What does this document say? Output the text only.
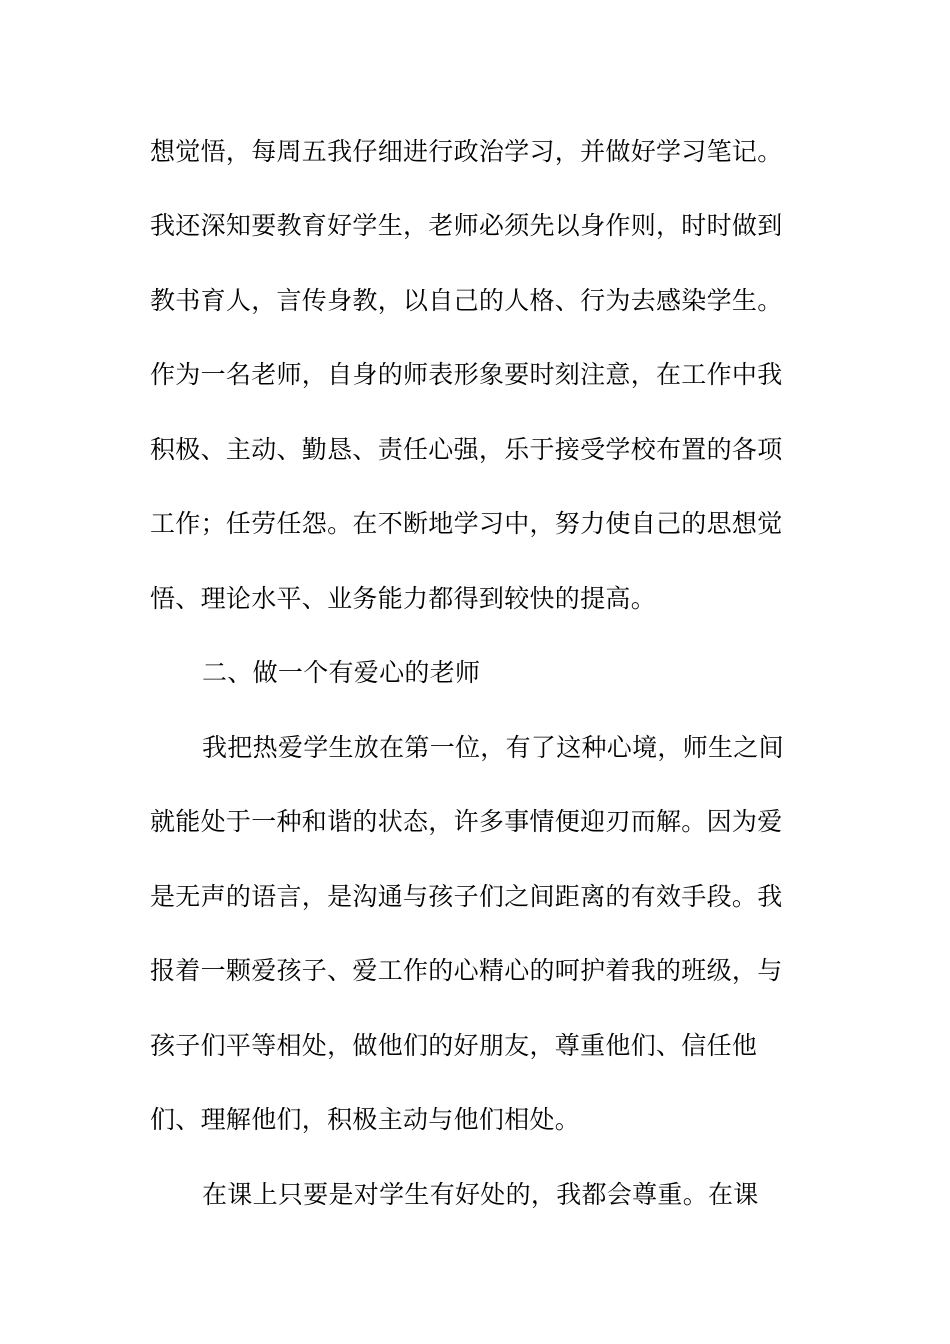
想觉悟，每周五我仔细进行政治学习，并做好学习笔记。
我还深知要教育好学生，老师必须先以身作则，时时做到
教书育人，言传身教，以自己的人格、行为去感染学生。
作为一名老师，自身的师表形象要时刻注意，在工作中我
积极、主动、勤恳、责任心强，乐于接受学校布置的各项
工作；任劳任怨。在不断地学习中，努力使自己的思想觉
悟、理论水平、业务能力都得到较快的提高。
二、做一个有爱心的老师
我把热爱学生放在第一位，有了这种心境，师生之间
就能处于一种和谐的状态，许多事情便迎刃而解。因为爱
是无声的语言，是沟通与孩子们之间距离的有效手段。我
报着一颗爱孩子、爱工作的心精心的呵护着我的班级，与
孩子们平等相处，做他们的好朋友，尊重他们、信任他
们、理解他们，积极主动与他们相处。
在课上只要是对学生有好处的，我都会尊重。在课
